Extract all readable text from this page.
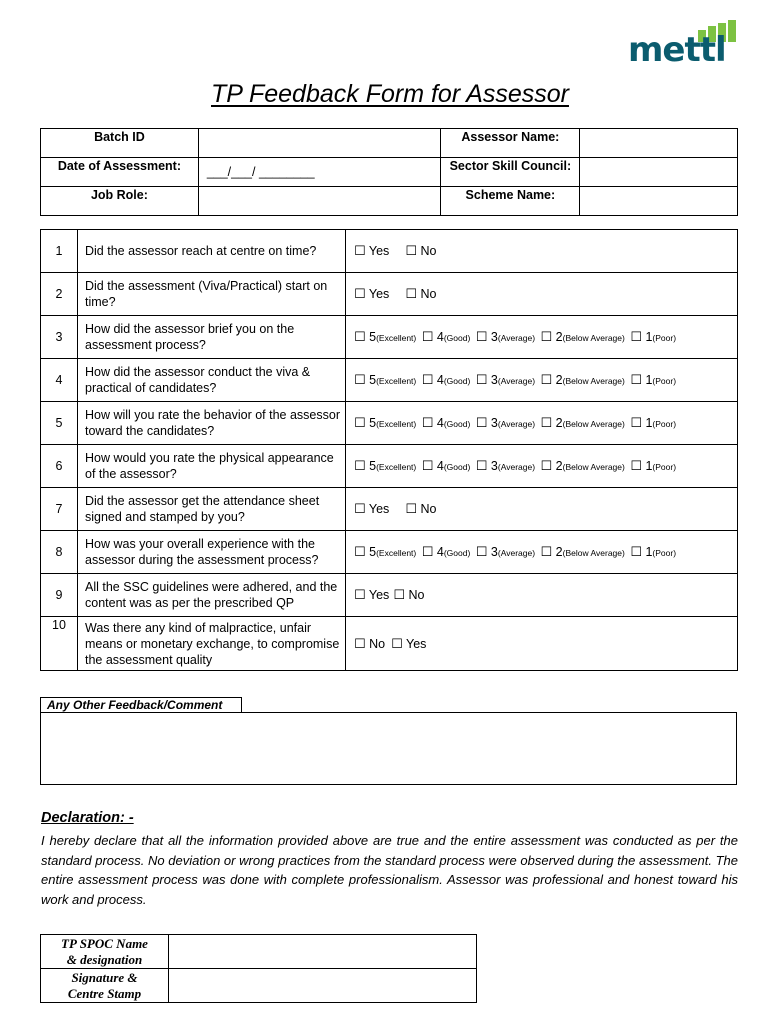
mettl
TP Feedback Form for Assessor
Batch ID		Assessor Name:	
Date of Assessment:	___/___/ ________	Sector Skill Council:	
Job Role:		Scheme Name:	
1	Did the assessor reach at centre on time?	☐ Yes ☐ No
2	Did the assessment (Viva/Practical) start on time?	☐ Yes ☐ No
3	How did the assessor brief you on the assessment process?	☐ 5(Excellent) ☐ 4(Good) ☐ 3(Average) ☐ 2(Below Average) ☐ 1(Poor)
4	How did the assessor conduct the viva & practical of candidates?	☐ 5(Excellent) ☐ 4(Good) ☐ 3(Average) ☐ 2(Below Average) ☐ 1(Poor)
5	How will you rate the behavior of the assessor toward the candidates?	☐ 5(Excellent) ☐ 4(Good) ☐ 3(Average) ☐ 2(Below Average) ☐ 1(Poor)
6	How would you rate the physical appearance of the assessor?	☐ 5(Excellent) ☐ 4(Good) ☐ 3(Average) ☐ 2(Below Average) ☐ 1(Poor)
7	Did the assessor get the attendance sheet signed and stamped by you?	☐ Yes ☐ No
8	How was your overall experience with the assessor during the assessment process?	☐ 5(Excellent) ☐ 4(Good) ☐ 3(Average) ☐ 2(Below Average) ☐ 1(Poor)
9	All the SSC guidelines were adhered, and the content was as per the prescribed QP	☐ Yes ☐ No
10	Was there any kind of malpractice, unfair means or monetary exchange, to compromise the assessment quality	☐ No ☐ Yes
Any Other Feedback/Comment
Declaration: -
I hereby declare that all the information provided above are true and the entire assessment was conducted as per the standard process. No deviation or wrong practices from the standard process were observed during the assessment. The entire assessment process was done with complete professionalism. Assessor was professional and honest toward his work and process.
TP SPOC Name
& designation	
Signature &
Centre Stamp	
